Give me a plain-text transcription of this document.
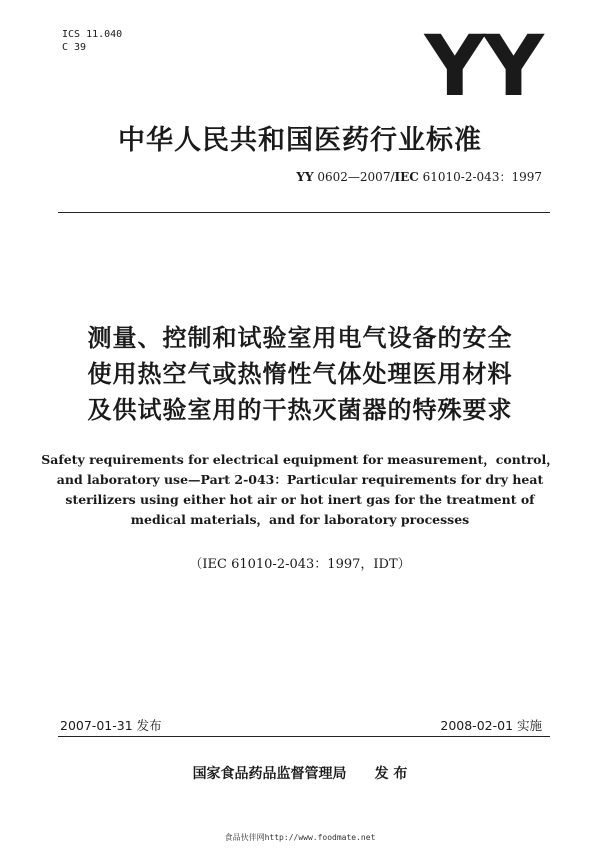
ICS 11.040
C 39	YY
中华人民共和国医药行业标准
YY 0602—2007/IEC 61010-2-043：1997
测量、控制和试验室用电气设备的安全
使用热空气或热惰性气体处理医用材料
及供试验室用的干热灭菌器的特殊要求
Safety requirements for electrical equipment for measurement，control，
and laboratory use—Part 2-043：Particular requirements for dry heat
sterilizers using either hot air or hot inert gas for the treatment of
medical materials，and for laboratory processes
（IEC 61010-2-043：1997，IDT）
2007-01-31 发布	2008-02-01 实施
国家食品药品监督管理局 发 布
食品伙伴网http://www.foodmate.net
